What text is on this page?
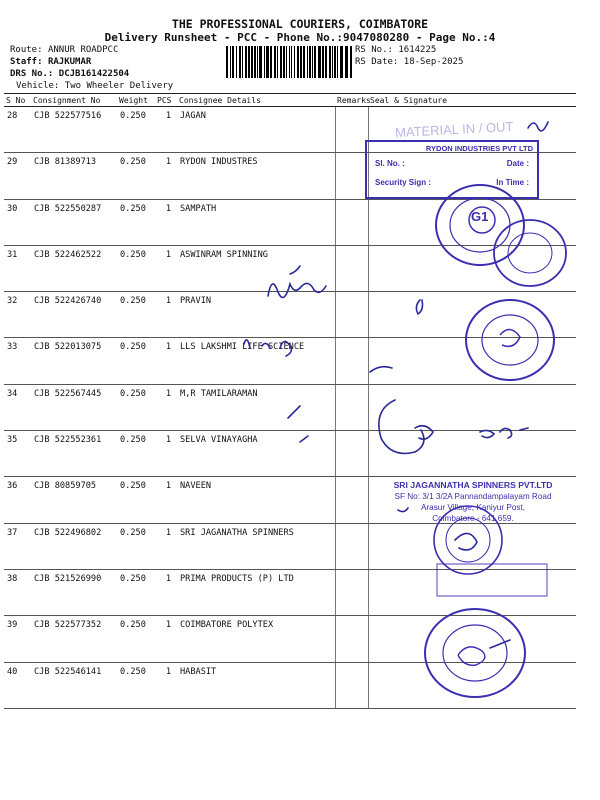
THE PROFESSIONAL COURIERS, COIMBATORE
Delivery Runsheet - PCC - Phone No.:9047080280 - Page No.:4
Route: ANNUR ROADPCC
Staff: RAJKUMAR
DRS No.: DCJB161422504
Vehicle: Two Wheeler Delivery
RS No.: 1614225
RS Date: 18-Sep-2025
S No	Consignment No	Weight	PCS	Consignee Details	Remarks	Seal & Signature
28	CJB 522577516	0.250	1	JAGAN		
29	CJB 81389713	0.250	1	RYDON INDUSTRES		
30	CJB 522550287	0.250	1	SAMPATH		
31	CJB 522462522	0.250	1	ASWINRAM SPINNING		
32	CJB 522426740	0.250	1	PRAVIN		
33	CJB 522013075	0.250	1	LLS LAKSHMI LIFE SCIENCE		
34	CJB 522567445	0.250	1	M,R TAMILARAMAN		
35	CJB 522552361	0.250	1	SELVA VINAYAGHA		
36	CJB 80859705	0.250	1	NAVEEN		
37	CJB 522496802	0.250	1	SRI JAGANATHA SPINNERS		
38	CJB 521526990	0.250	1	PRIMA PRODUCTS (P) LTD		
39	CJB 522577352	0.250	1	COIMBATORE POLYTEX		
40	CJB 522546141	0.250	1	HABASIT		
MATERIAL IN / OUT
RYDON INDUSTRIES PVT LTD
Sl. No. :	Date :
Security Sign :	In Time :
G1
SRI JAGANNATHA SPINNERS PVT.LTD
SF No: 3/1 3/2A Pannandampalayam Road
Arasur Village, Kaniyur Post,
Coimbatore - 641 659.
